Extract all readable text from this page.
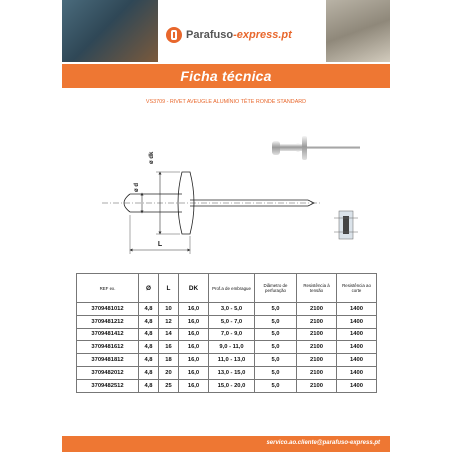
Parafuso-express.pt
Ficha técnica
VS3709 - RIVET AVEUGLE ALUMÍNIO TÊTE RONDE STANDARD
ø dk
ø d
L
REF ex.	Ø	L	DK	Prof.a de embrague	Diâmetro de perfuração	Resistência à tensão	Resistência ao corte
3709481012	4,8	10	16,0	3,0 - 5,0	5,0	2100	1400
3709481212	4,8	12	16,0	5,0 - 7,0	5,0	2100	1400
3709481412	4,8	14	16,0	7,0 - 9,0	5,0	2100	1400
3709481612	4,8	16	16,0	9,0 - 11,0	5,0	2100	1400
3709481812	4,8	18	16,0	11,0 - 13,0	5,0	2100	1400
3709482012	4,8	20	16,0	13,0 - 15,0	5,0	2100	1400
3709482512	4,8	25	16,0	15,0 - 20,0	5,0	2100	1400
servico.ao.cliente@parafuso-express.pt
